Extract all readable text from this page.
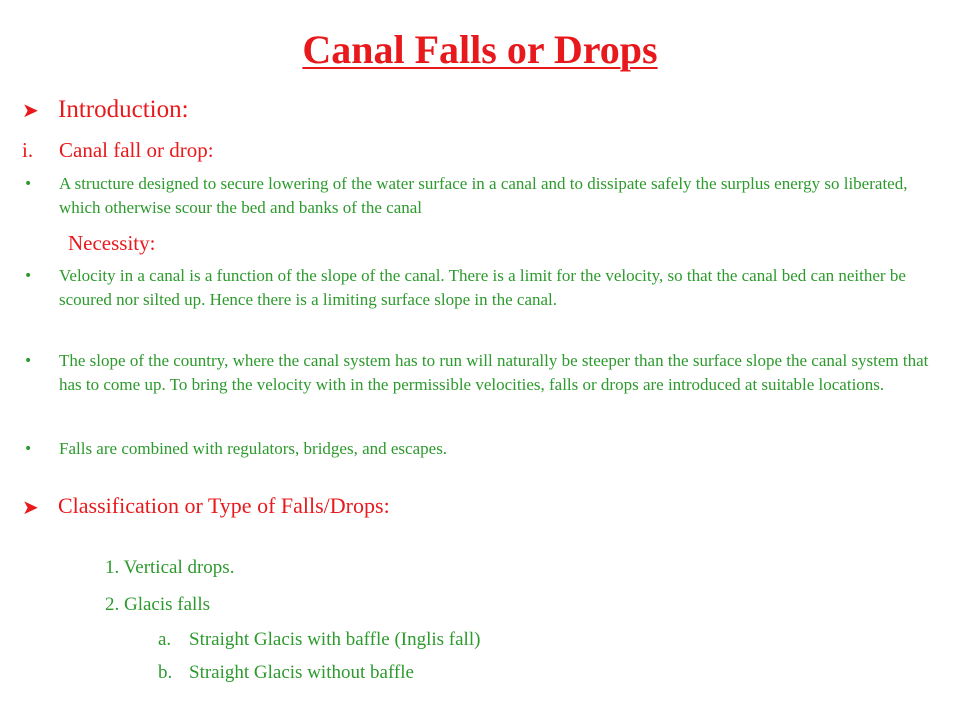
Canal Falls or Drops
➤ Introduction:
i. Canal fall or drop:
• A structure designed to secure lowering of the water surface in a canal and to dissipate safely the surplus energy so liberated, which otherwise scour the bed and banks of the canal
Necessity:
• Velocity in a canal is a function of the slope of the canal. There is a limit for the velocity, so that the canal bed can neither be scoured nor silted up. Hence there is a limiting surface slope in the canal.
• The slope of the country, where the canal system has to run will naturally be steeper than the surface slope the canal system that has to come up. To bring the velocity with in the permissible velocities, falls or drops are introduced at suitable locations.
• Falls are combined with regulators, bridges, and escapes.
➤ Classification or Type of Falls/Drops:
1. Vertical drops.
2. Glacis falls
a. Straight Glacis with baffle (Inglis fall)
b. Straight Glacis without baffle
